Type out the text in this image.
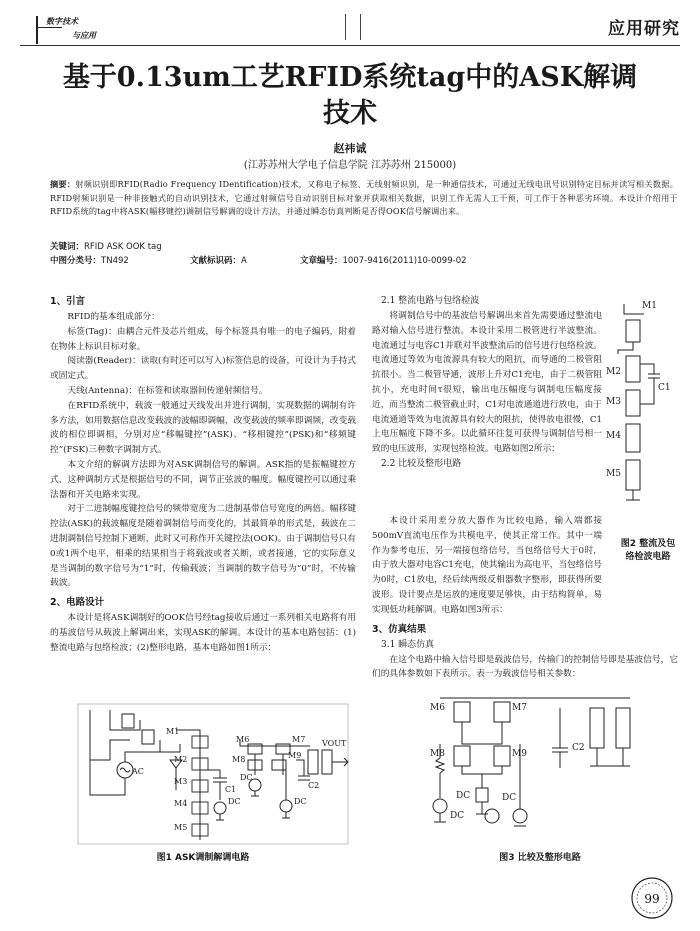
数字技术
与应用	应用研究
基于0.13um工艺RFID系统tag中的ASK解调
技术
赵祎诚
(江苏苏州大学电子信息学院 江苏苏州 215000)
摘要：射频识别即RFID(Radio Frequency IDentification)技术，又称电子标签、无线射频识别，是一种通信技术，可通过无线电讯号识别特定目标并读写相关数据。RFID射频识别是一种非接触式的自动识别技术，它通过射频信号自动识别目标对象并获取相关数据，识别工作无需人工干预，可工作于各种恶劣环境。本设计介绍用于RFID系统的tag中将ASK(幅移键控)调制信号解调的设计方法，并通过瞬态仿真判断是否得OOK信号解调出来。
关键词：RFID ASK OOK tag
中图分类号：TN492	文献标识码：A	文章编号：1007-9416(2011)10-0099-02
1、引言

RFID的基本组成部分：

标签(Tag)：由耦合元件及芯片组成，每个标签具有唯一的电子编码，附着在物体上标识目标对象。

阅读器(Reader)：读取(有时还可以写入)标签信息的设备，可设计为手持式或固定式。

天线(Antenna)：在标签和读取器间传递射频信号。

在RFID系统中，载波一般通过天线发出并进行调制，实现数据的调制有许多方法，如用数据信息改变载波的波幅即调幅，改变载波的频率即调频，改变载波的相位即调相，分别对应“移幅键控”(ASK)、“移相键控”(PSK)和“移频键控”(FSK)三种数字调制方式。

本文介绍的解调方法即为对ASK调制信号的解调。ASK指的是振幅键控方式，这种调制方式是根据信号的不同，调节正弦波的幅度。幅度键控可以通过乘法器和开关电路来实现。

对于二进制幅度键控信号的频带宽度为二进制基带信号宽度的两倍。幅移键控法(ASK)的载波幅度是随着调制信号而变化的，其最简单的形式是，载波在二进制调制信号控制下通断，此时又可称作开关键控法(OOK)。由于调制信号只有0或1两个电平，相乘的结果相当于将载波或者关断，或者接通，它的实际意义是当调制的数字信号为“1”时，传输载波；当调制的数字信号为“0”时，不传输载波。

2、电路设计

本设计是将ASK调制好的OOK信号经tag接收后通过一系列相关电路将有用的基波信号从载波上解调出来，实现ASK的解调。本设计的基本电路包括：(1)整流电路与包络检波；(2)整形电路，基本电路如图1所示：

AC
M1
M2
M3
M4
M5
M6	M7
M8	M9
C1	C2
DC
DC	DC
VOUT
图1 ASK调制解调电路
2.1 整流电路与包络检波

将调制信号中的基波信号解调出来首先需要通过整流电路对输入信号进行整流。本设计采用二极管进行半波整流。电流通过与电容C1并联对半波整流后的信号进行包络检波。电流通过等效为电流源具有较大的阻抗，而导通的二极管阻抗很小。当二极管导通，波形上升对C1充电，由于二极管阻抗小，充电时间τ很短，输出电压幅度与调制电压幅度接近，而当整流二极管截止时，C1对电流通道进行放电，由于电流通道等效为电流源具有较大的阻抗，使得放电很慢，C1上电压幅度下降不多。以此循环往复可获得与调制信号相一致的电压波形，实现包络检波。电路如图2所示：

2.2 比较及整形电路

本设计采用差分放大器作为比较电路，输入端都接500mV直流电压作为共模电平，使其正常工作。其中一端作为参考电压，另一端接包络信号，当包络信号大于0时，由于放大器对电容C1充电，使其输出为高电平，当包络信号为0时，C1放电，经后续两级反相器数字整形，即获得所要波形。设计要点是运放的速度要足够快，由于结构简单，易实现低功耗解调。电路如图3所示：

3、仿真结果
3.1 瞬态仿真

在这个电路中输入信号即是载波信号，传输门的控制信号即是基波信号，它们的具体参数如下表所示。表一为载波信号相关参数：

M1
M2
M3
M4
M5
C1
图2 整流及包
络检波电路
M6	M7
M8	M9
C2
DC
DC
DC
图3 比较及整形电路
99
